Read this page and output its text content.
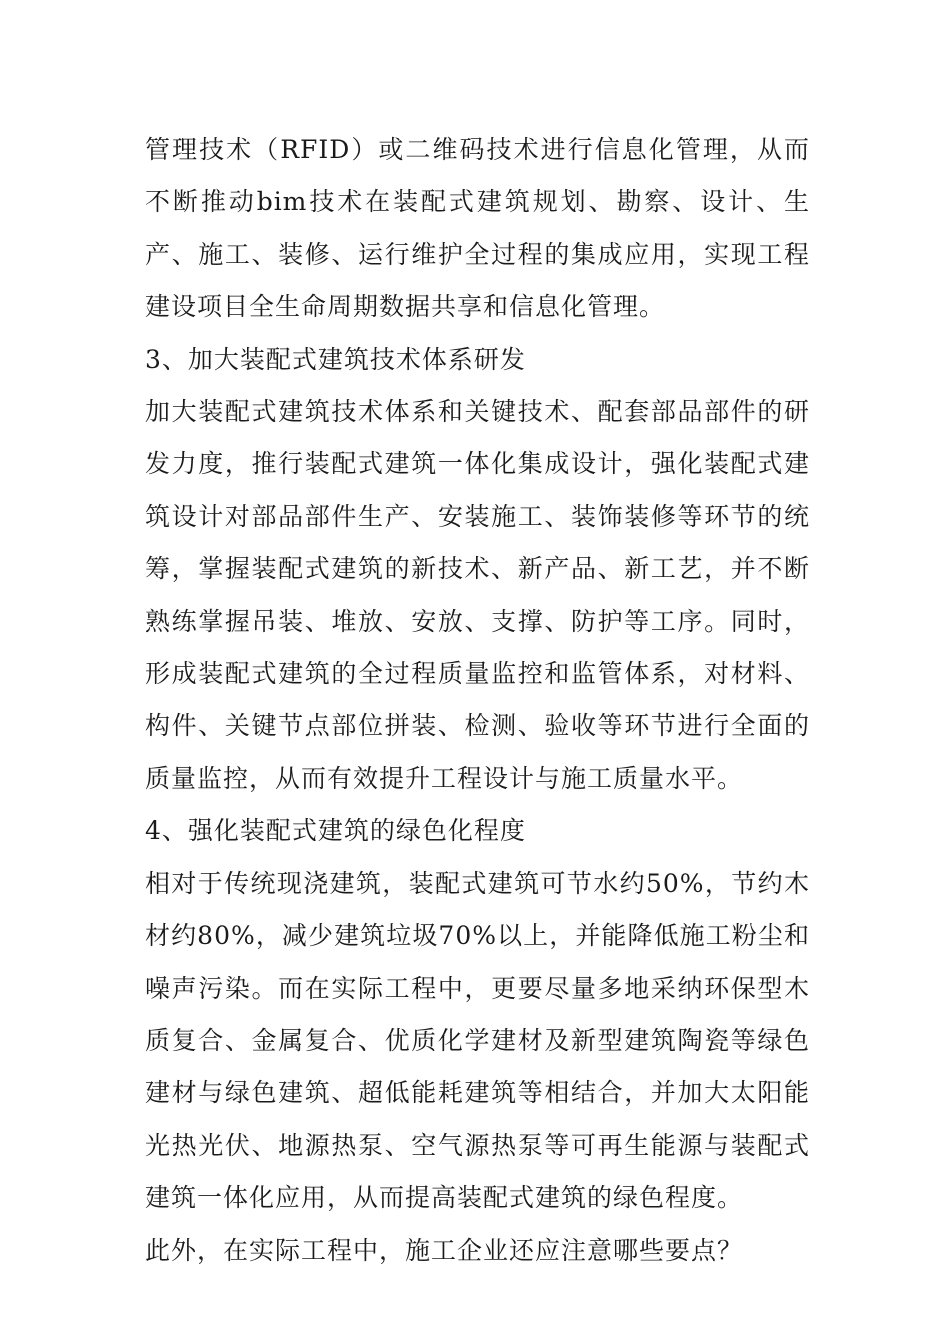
管理技术（RFID）或二维码技术进行信息化管理，从而不断推动bim技术在装配式建筑规划、勘察、设计、生产、施工、装修、运行维护全过程的集成应用，实现工程建设项目全生命周期数据共享和信息化管理。

3、加大装配式建筑技术体系研发

加大装配式建筑技术体系和关键技术、配套部品部件的研发力度，推行装配式建筑一体化集成设计，强化装配式建筑设计对部品部件生产、安装施工、装饰装修等环节的统筹，掌握装配式建筑的新技术、新产品、新工艺，并不断熟练掌握吊装、堆放、安放、支撑、防护等工序。同时，形成装配式建筑的全过程质量监控和监管体系，对材料、构件、关键节点部位拼装、检测、验收等环节进行全面的质量监控，从而有效提升工程设计与施工质量水平。

4、强化装配式建筑的绿色化程度

相对于传统现浇建筑，装配式建筑可节水约50%，节约木材约80%，减少建筑垃圾70%以上，并能降低施工粉尘和噪声污染。而在实际工程中，更要尽量多地采纳环保型木质复合、金属复合、优质化学建材及新型建筑陶瓷等绿色建材与绿色建筑、超低能耗建筑等相结合，并加大太阳能光热光伏、地源热泵、空气源热泵等可再生能源与装配式建筑一体化应用，从而提高装配式建筑的绿色程度。

此外，在实际工程中，施工企业还应注意哪些要点？
